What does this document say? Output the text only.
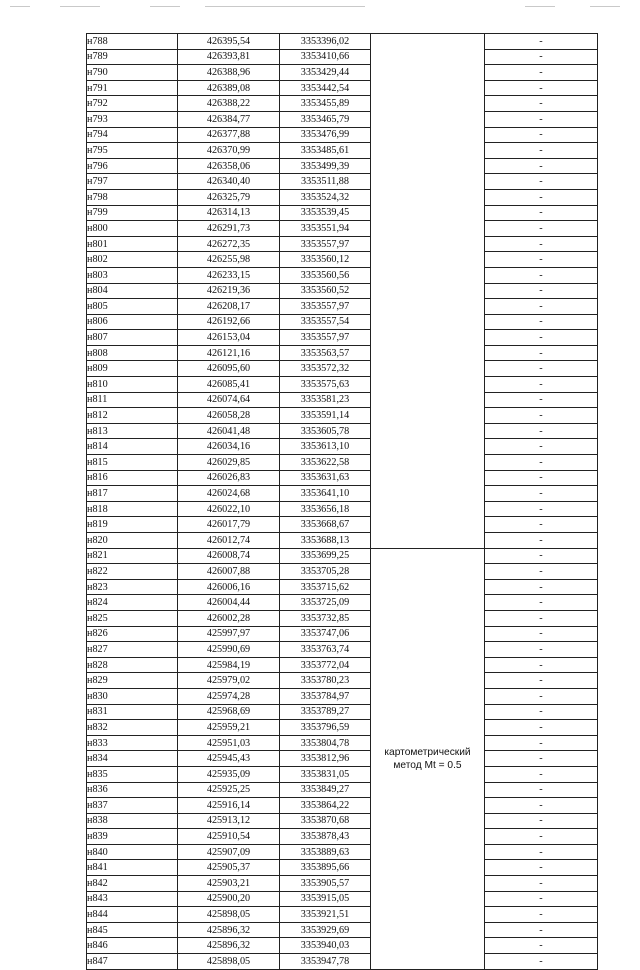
н788	426395,54	3353396,02		-
н789	426393,81	3353410,66		-
н790	426388,96	3353429,44		-
н791	426389,08	3353442,54		-
н792	426388,22	3353455,89		-
н793	426384,77	3353465,79		-
н794	426377,88	3353476,99		-
н795	426370,99	3353485,61		-
н796	426358,06	3353499,39		-
н797	426340,40	3353511,88		-
н798	426325,79	3353524,32		-
н799	426314,13	3353539,45		-
н800	426291,73	3353551,94		-
н801	426272,35	3353557,97		-
н802	426255,98	3353560,12		-
н803	426233,15	3353560,56		-
н804	426219,36	3353560,52		-
н805	426208,17	3353557,97		-
н806	426192,66	3353557,54		-
н807	426153,04	3353557,97		-
н808	426121,16	3353563,57		-
н809	426095,60	3353572,32		-
н810	426085,41	3353575,63		-
н811	426074,64	3353581,23		-
н812	426058,28	3353591,14		-
н813	426041,48	3353605,78		-
н814	426034,16	3353613,10		-
н815	426029,85	3353622,58		-
н816	426026,83	3353631,63		-
н817	426024,68	3353641,10		-
н818	426022,10	3353656,18		-
н819	426017,79	3353668,67		-
н820	426012,74	3353688,13		-
н821	426008,74	3353699,25	картометрический
метод Mt = 0.5	-
н822	426007,88	3353705,28		-
н823	426006,16	3353715,62		-
н824	426004,44	3353725,09		-
н825	426002,28	3353732,85		-
н826	425997,97	3353747,06		-
н827	425990,69	3353763,74		-
н828	425984,19	3353772,04		-
н829	425979,02	3353780,23		-
н830	425974,28	3353784,97		-
н831	425968,69	3353789,27		-
н832	425959,21	3353796,59		-
н833	425951,03	3353804,78		-
н834	425945,43	3353812,96		-
н835	425935,09	3353831,05		-
н836	425925,25	3353849,27		-
н837	425916,14	3353864,22		-
н838	425913,12	3353870,68		-
н839	425910,54	3353878,43		-
н840	425907,09	3353889,63		-
н841	425905,37	3353895,66		-
н842	425903,21	3353905,57		-
н843	425900,20	3353915,05		-
н844	425898,05	3353921,51		-
н845	425896,32	3353929,69		-
н846	425896,32	3353940,03		-
н847	425898,05	3353947,78		-
